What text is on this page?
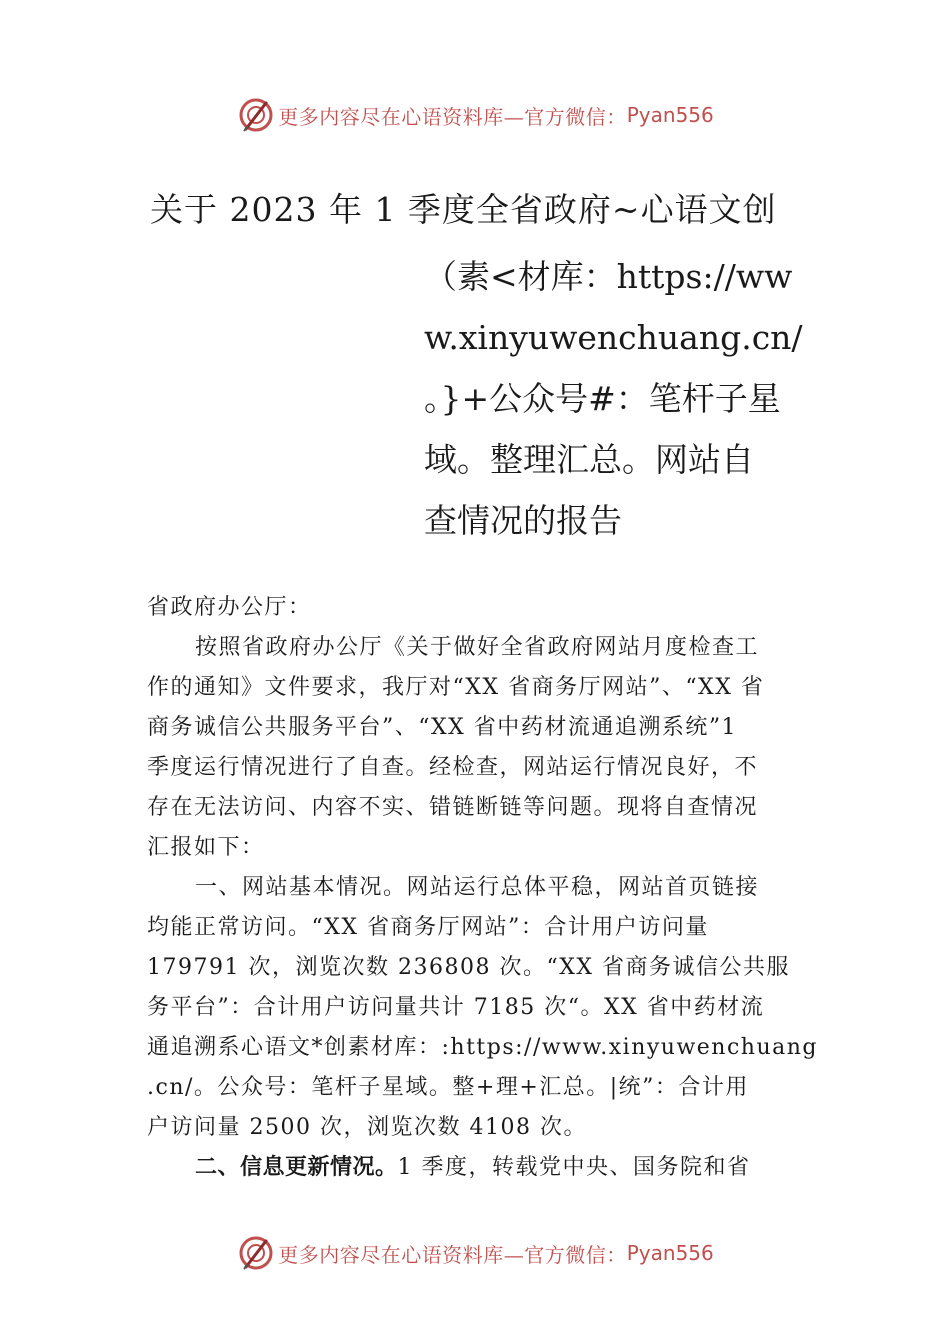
更多内容尽在心语资料库—官方微信： Pyan556
关于 2023 年 1 季度全省政府~心语文创
（素<材库：https://ww
w.xinyuwenchuang.cn/
。}+公众号#：笔杆子星
域。整理汇总。网站自
查情况的报告

省政府办公厅：

按照省政府办公厅《关于做好全省政府网站月度检查工
作的通知》文件要求，我厅对“XX 省商务厅网站”、“XX 省
商务诚信公共服务平台”、“XX 省中药材流通追溯系统”1
季度运行情况进行了自查。经检查，网站运行情况良好，不
存在无法访问、内容不实、错链断链等问题。现将自查情况
汇报如下：

一、网站基本情况。网站运行总体平稳，网站首页链接
均能正常访问。“XX 省商务厅网站”：合计用户访问量
179791 次，浏览次数 236808 次。“XX 省商务诚信公共服
务平台”：合计用户访问量共计 7185 次“。XX 省中药材流
通追溯系心语文*创素材库：:https://www.xinyuwenchuang
.cn/。公众号：笔杆子星域。整+理+汇总。|统”：合计用
户访问量 2500 次，浏览次数 4108 次。

二、信息更新情况。1 季度，转载党中央、国务院和省

更多内容尽在心语资料库—官方微信： Pyan556
